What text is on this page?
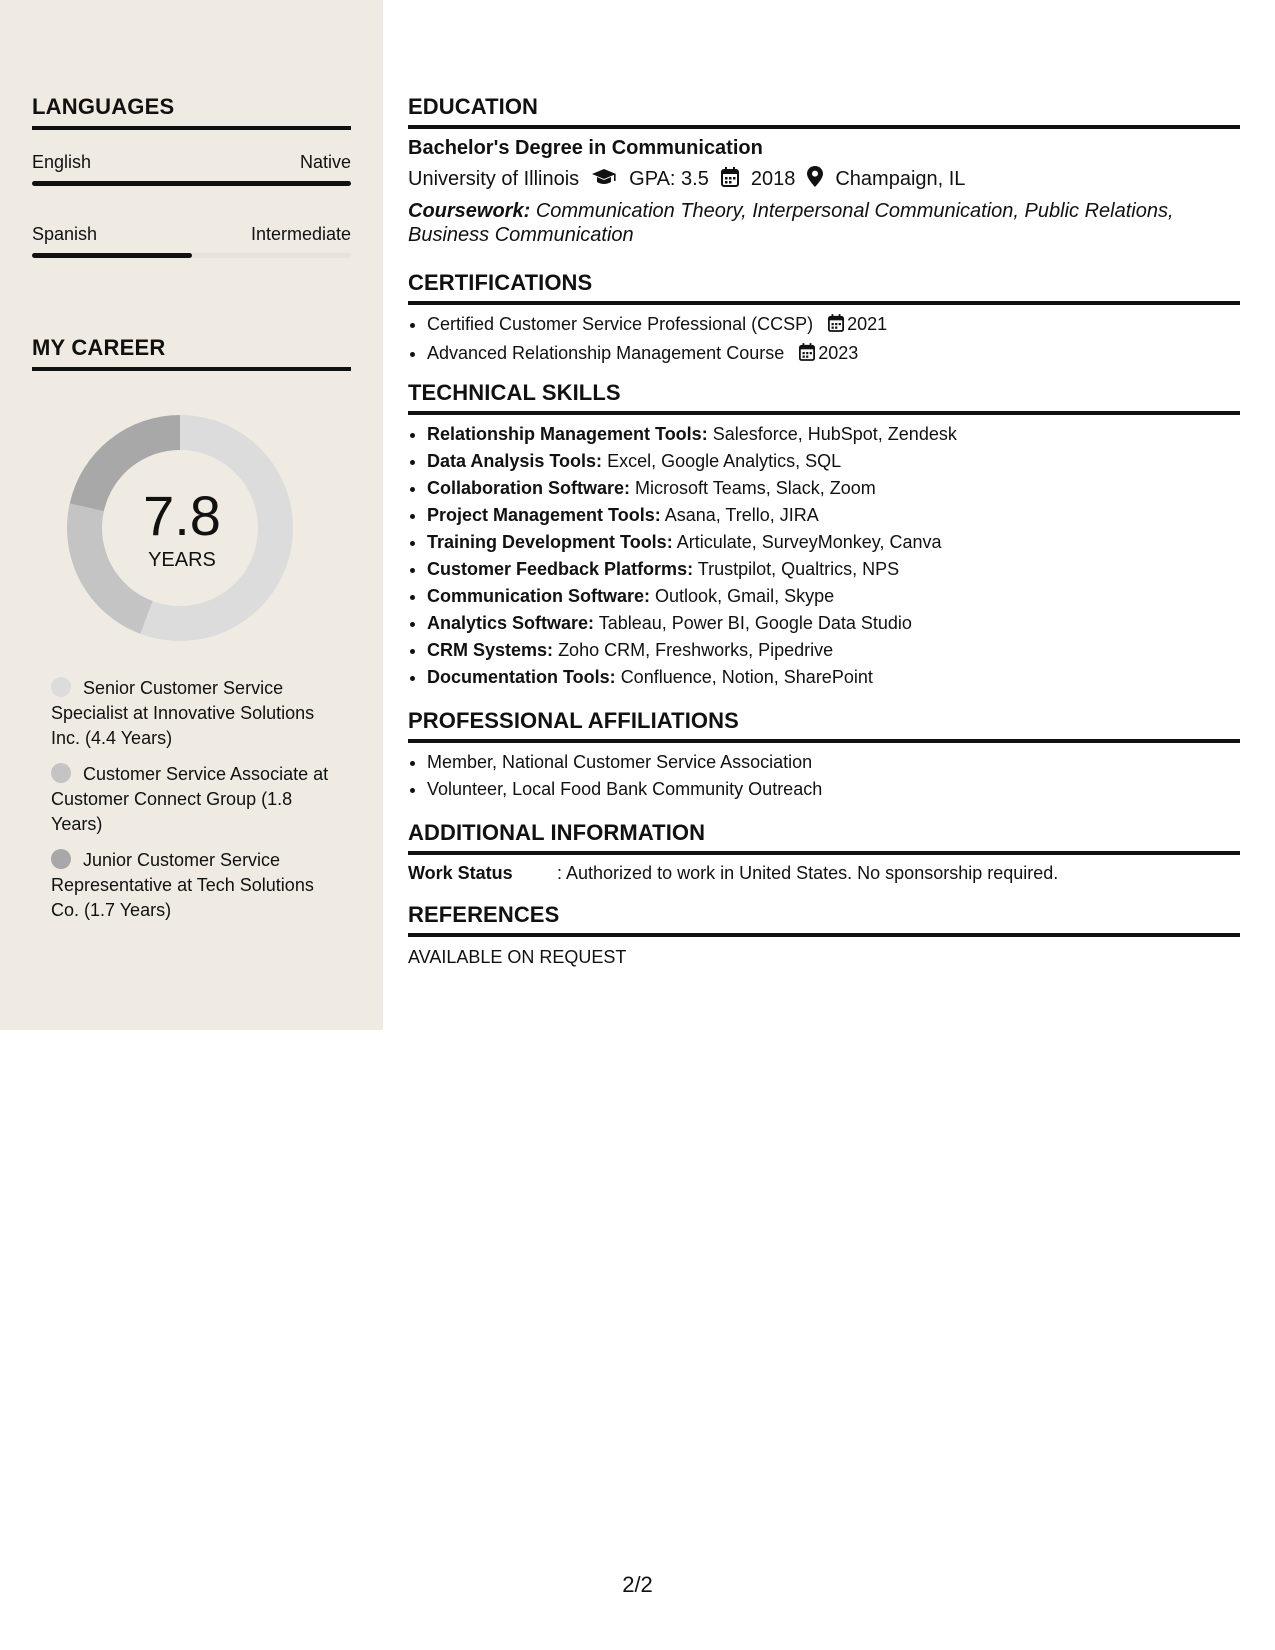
LANGUAGES
English	Native
Spanish	Intermediate
MY CAREER
7.8
YEARS
Senior Customer Service Specialist at Innovative Solutions Inc. (4.4 Years)
Customer Service Associate at Customer Connect Group (1.8 Years)
Junior Customer Service Representative at Tech Solutions Co. (1.7 Years)
EDUCATION
Bachelor's Degree in Communication
University of Illinois	GPA: 3.5 2018 Champaign, IL
Coursework: Communication Theory, Interpersonal Communication, Public Relations, Business Communication
CERTIFICATIONS
• Certified Customer Service Professional (CCSP) 2021
• Advanced Relationship Management Course 2023
TECHNICAL SKILLS
• Relationship Management Tools: Salesforce, HubSpot, Zendesk
• Data Analysis Tools: Excel, Google Analytics, SQL
• Collaboration Software: Microsoft Teams, Slack, Zoom
• Project Management Tools: Asana, Trello, JIRA
• Training Development Tools: Articulate, SurveyMonkey, Canva
• Customer Feedback Platforms: Trustpilot, Qualtrics, NPS
• Communication Software: Outlook, Gmail, Skype
• Analytics Software: Tableau, Power BI, Google Data Studio
• CRM Systems: Zoho CRM, Freshworks, Pipedrive
• Documentation Tools: Confluence, Notion, SharePoint
PROFESSIONAL AFFILIATIONS
• Member, National Customer Service Association
• Volunteer, Local Food Bank Community Outreach
ADDITIONAL INFORMATION
Work Status	: Authorized to work in United States. No sponsorship required.
REFERENCES
AVAILABLE ON REQUEST
2/2
